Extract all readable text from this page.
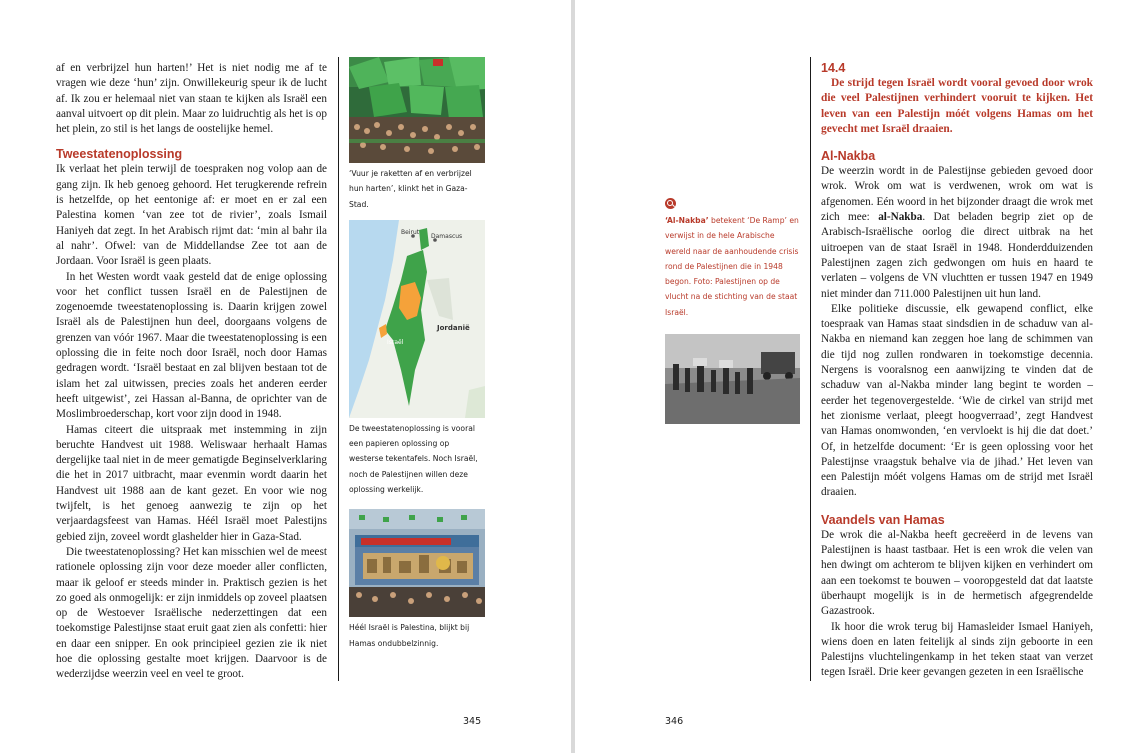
af en verbrijzel hun harten!’ Het is niet nodig me af te vragen wie deze ‘hun’ zijn. Onwillekeurig speur ik de lucht af. Ik zou er helemaal niet van staan te kijken als Israël een aanval uitvoert op dit plein. Maar zo luidruchtig als het is op het plein, zo stil is het langs de oostelijke hemel.

Tweestatenoplossing

Ik verlaat het plein terwijl de toespraken nog volop aan de gang zijn. Ik heb genoeg gehoord. Het terugkerende refrein is hetzelfde, op het eentonige af: er moet en er zal een Palestina komen ‘van zee tot de rivier’, zoals Ismail Haniyeh dat zegt. In het Arabisch rijmt dat: ‘min al bahr ila al nahr’. Ofwel: van de Middellandse Zee tot aan de Jordaan. Voor Israël is geen plaats.

In het Westen wordt vaak gesteld dat de enige oplossing voor het conflict tussen Israël en de Palestijnen de zogenoemde tweestatenoplossing is. Daarin krijgen zowel Israël als de Palestijnen hun deel, doorgaans volgens de grenzen van vóór 1967. Maar die tweestatenoplossing is een oplossing die in feite noch door Israël, noch door Hamas gedragen wordt. ‘Israël bestaat en zal blijven bestaan tot de islam het zal uitwissen, precies zoals het anderen eerder heeft uitgewist’, zei Hassan al-Banna, de oprichter van de Moslimbroederschap, kort voor zijn dood in 1948.

Hamas citeert die uitspraak met instemming in zijn beruchte Handvest uit 1988. Weliswaar herhaalt Hamas dergelijke taal niet in de meer gematigde Beginselverklaring die het in 2017 uitbracht, maar evenmin wordt daarin het Handvest uit 1988 aan de kant gezet. En voor wie nog twijfelt, is het genoeg aanwezig te zijn op het verjaardagsfeest van Hamas. Héél Israël moet Palestijns gebied zijn, zoveel wordt glashelder hier in Gaza-Stad.

Die tweestatenoplossing? Het kan misschien wel de meest rationele oplossing zijn voor deze moeder aller conflicten, maar ik geloof er steeds minder in. Praktisch gezien is het zo goed als onmogelijk: er zijn inmiddels op zoveel plaatsen op de Westoever Israëlische nederzettingen dat een toekomstige Palestijnse staat eruit gaat zien als confetti: hier en daar een snipper. En ook principieel gezien zie ik niet hoe die oplossing gestalte moet krijgen. Daarvoor is de wederzijdse weerzin veel en veel te groot.

‘Vuur je raketten af en verbrijzel hun harten’, klinkt het in Gaza-Stad.

Beirut
Damascus
Israël
Jordanië

De tweestatenoplossing is vooral een papieren oplossing op westerse tekentafels. Noch Israël, noch de Palestijnen willen deze oplossing werkelijk.

Héél Israël is Palestina, blijkt bij Hamas ondubbelzinnig.

345

‘Al-Nakba’ betekent ‘De Ramp’ en verwijst in de hele Arabische wereld naar de aanhoudende crisis rond de Palestijnen die in 1948 begon. Foto: Palestijnen op de vlucht na de stichting van de staat Israël.

14.4

De strijd tegen Israël wordt vooral gevoed door wrok die veel Palestijnen verhindert vooruit te kijken. Het leven van een Palestijn móét volgens Hamas om het gevecht met Israël draaien.

Al-Nakba

De weerzin wordt in de Palestijnse gebieden gevoed door wrok. Wrok om wat is verdwenen, wrok om wat is afgenomen. Eén woord in het bijzonder draagt die wrok met zich mee: al-Nakba. Dat beladen begrip ziet op de Arabisch-Israëlische oorlog die direct uitbrak na het uitroepen van de staat Israël in 1948. Honderdduizenden Palestijnen zagen zich gedwongen om huis en haard te verlaten – volgens de VN vluchtten er tussen 1947 en 1949 niet minder dan 711.000 Palestijnen uit hun land.

Elke politieke discussie, elk gewapend conflict, elke toespraak van Hamas staat sindsdien in de schaduw van al-Nakba en niemand kan zeggen hoe lang de schimmen van die tijd nog zullen rondwaren in toekomstige decennia. Nergens is vooralsnog een aanwijzing te vinden dat de schaduw van al-Nakba minder lang begint te worden – eerder het tegenovergestelde. ‘Wie de cirkel van strijd met het zionisme verlaat, pleegt hoogverraad’, zegt Handvest van Hamas onomwonden, ‘en vervloekt is hij die dat doet.’ Of, in hetzelfde document: ‘Er is geen oplossing voor het Palestijnse vraagstuk behalve via de jihad.’ Het leven van een Palestijn móét volgens Hamas om de strijd met Israël draaien.

Vaandels van Hamas

De wrok die al-Nakba heeft gecreëerd in de levens van Palestijnen is haast tastbaar. Het is een wrok die velen van hen dwingt om achterom te blijven kijken en verhindert om aan een toekomst te bouwen – vooropgesteld dat dat laatste überhaupt mogelijk is in de hermetisch afgegrendelde Gazastrook.

Ik hoor die wrok terug bij Hamasleider Ismael Haniyeh, wiens doen en laten feitelijk al sinds zijn geboorte in een Palestijns vluchtelingenkamp in het teken staat van verzet tegen Israël. Drie keer gevangen gezeten in een Israëlische

346
